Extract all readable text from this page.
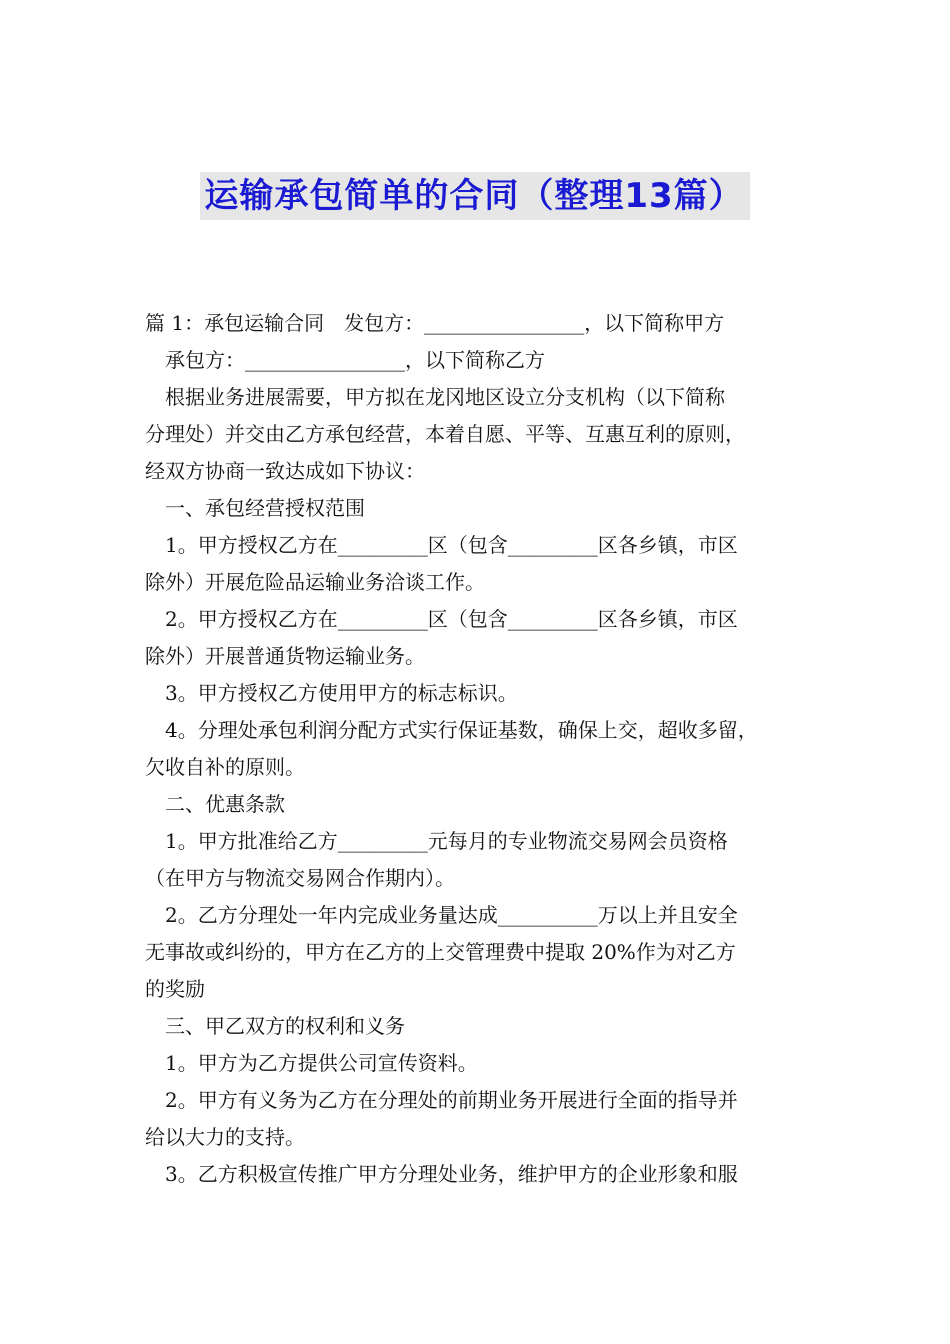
运输承包简单的合同（整理13篇）
篇 1：承包运输合同　发包方：________________，以下简称甲方
承包方：________________，以下简称乙方
根据业务进展需要，甲方拟在龙冈地区设立分支机构（以下简称
分理处）并交由乙方承包经营，本着自愿、平等、互惠互利的原则，
经双方协商一致达成如下协议：
一、承包经营授权范围
1。甲方授权乙方在_________区（包含_________区各乡镇，市区
除外）开展危险品运输业务洽谈工作。
2。甲方授权乙方在_________区（包含_________区各乡镇，市区
除外）开展普通货物运输业务。
3。甲方授权乙方使用甲方的标志标识。
4。分理处承包利润分配方式实行保证基数，确保上交，超收多留，
欠收自补的原则。
二、优惠条款
1。甲方批准给乙方_________元每月的专业物流交易网会员资格
（在甲方与物流交易网合作期内）。
2。乙方分理处一年内完成业务量达成__________万以上并且安全
无事故或纠纷的，甲方在乙方的上交管理费中提取 20%作为对乙方
的奖励
三、甲乙双方的权利和义务
1。甲方为乙方提供公司宣传资料。
2。甲方有义务为乙方在分理处的前期业务开展进行全面的指导并
给以大力的支持。
3。乙方积极宣传推广甲方分理处业务，维护甲方的企业形象和服
